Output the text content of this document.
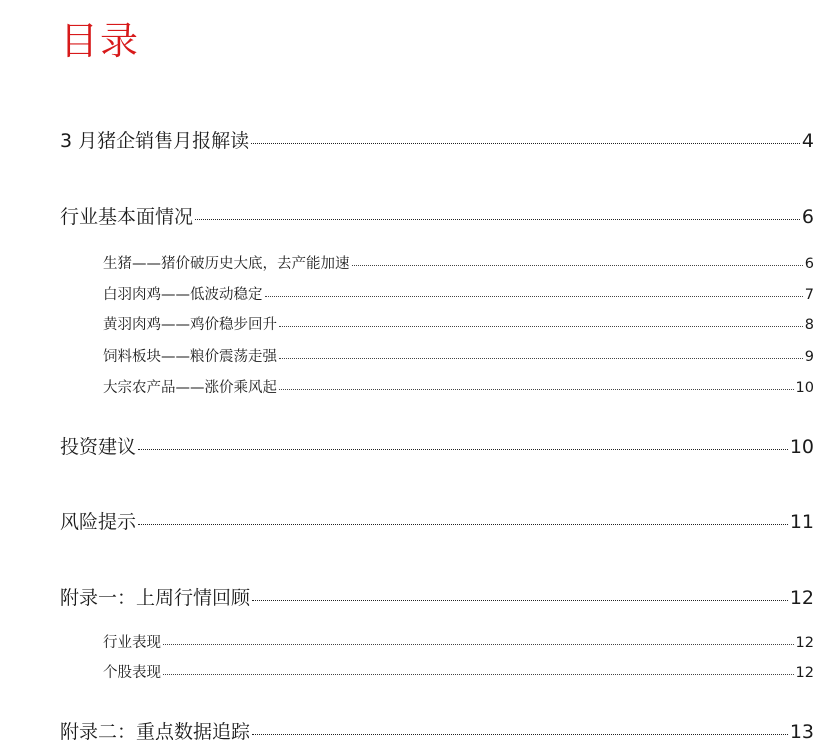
目录
3 月猪企销售月报解读	4
行业基本面情况	6
生猪——猪价破历史大底，去产能加速	6
白羽肉鸡——低波动稳定	7
黄羽肉鸡——鸡价稳步回升	8
饲料板块——粮价震荡走强	9
大宗农产品——涨价乘风起	10
投资建议	10
风险提示	11
附录一：上周行情回顾	12
行业表现	12
个股表现	12
附录二：重点数据追踪	13
